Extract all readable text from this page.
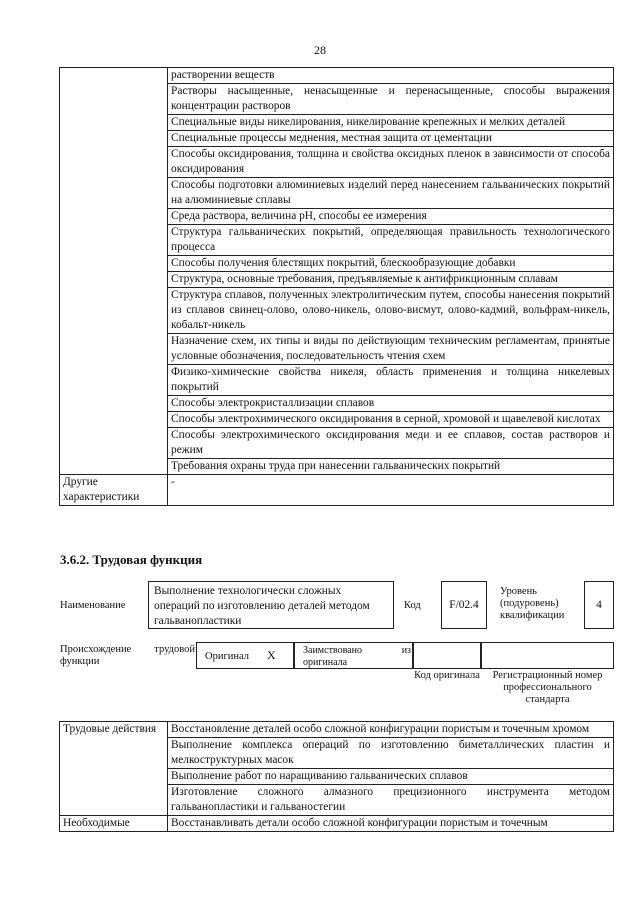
28
	растворении веществ
	Растворы насыщенные, ненасыщенные и перенасыщенные, способы выражения концентрации растворов
	Специальные виды никелирования, никелирование крепежных и мелких деталей
	Специальные процессы меднения, местная защита от цементации
	Способы оксидирования, толщина и свойства оксидных пленок в зависимости от способа оксидирования
	Способы подготовки алюминиевых изделий перед нанесением гальванических покрытий на алюминиевые сплавы
	Среда раствора, величина pH, способы ее измерения
	Структура гальванических покрытий, определяющая правильность технологического процесса
	Способы получения блестящих покрытий, блескообразующие добавки
	Структура, основные требования, предъявляемые к антифрикционным сплавам
	Структура сплавов, полученных электролитическим путем, способы нанесения покрытий из сплавов свинец-олово, олово-никель, олово-висмут, олово-кадмий, вольфрам-никель, кобальт-никель
	Назначение схем, их типы и виды по действующим техническим регламентам, принятые условные обозначения, последовательность чтения схем
	Физико-химические свойства никеля, область применения и толщина никелевых покрытий
	Способы электрокристаллизации сплавов
	Способы электрохимического оксидирования в серной, хромовой и щавелевой кислотах
	Способы электрохимического оксидирования меди и ее сплавов, состав растворов и режим
	Требования охраны труда при нанесении гальванических покрытий
Другие характеристики	-
3.6.2. Трудовая функция
Наименование
Выполнение технологически сложных операций по изготовлению деталей методом гальванопластики
Код	F/02.4
Уровень (подуровень) квалификации
4
Происхождение трудовой функции	Оригинал X	Заимствовано из оригинала
Код оригинала	Регистрационный номер профессионального стандарта
Трудовые действия	Восстановление деталей особо сложной конфигурации пористым и точечным хромом
	Выполнение комплекса операций по изготовлению биметаллических пластин и мелкоструктурных масок
	Выполнение работ по наращиванию гальванических сплавов
	Изготовление сложного алмазного прецизионного инструмента методом гальванопластики и гальваностегии
Необходимые	Восстанавливать детали особо сложной конфигурации пористым и точечным
